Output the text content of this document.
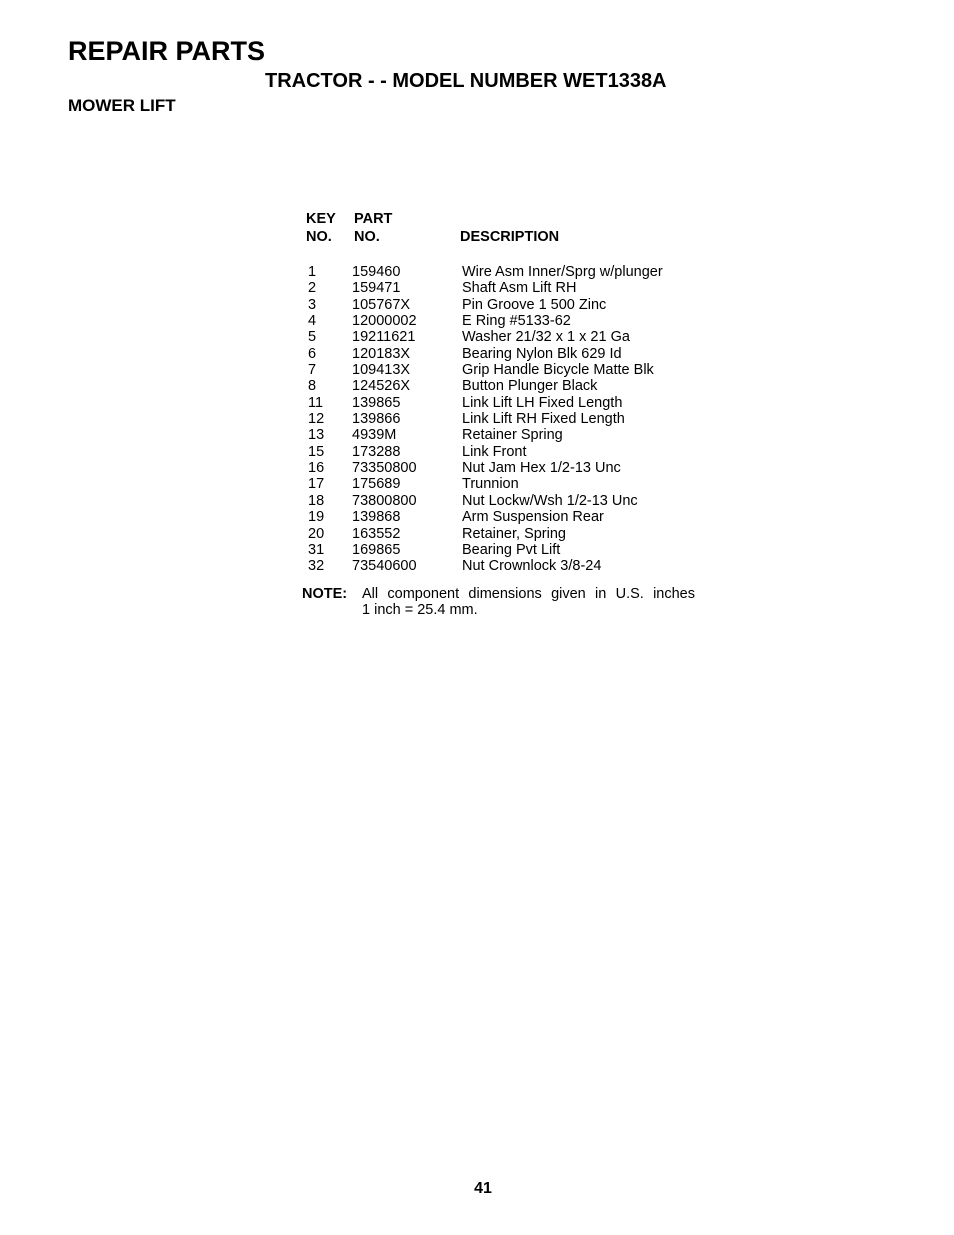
REPAIR PARTS
TRACTOR - - MODEL NUMBER WET1338A
MOWER LIFT
KEY
NO.
PART
NO.	DESCRIPTION
1 159460	Wire Asm Inner/Sprg w/plunger
2 159471	Shaft Asm Lift RH
3 105767X	Pin Groove 1 500 Zinc
4 12000002	E Ring #5133-62
5 19211621	Washer 21/32 x 1 x 21 Ga
6 120183X	Bearing Nylon Blk 629 Id
7 109413X	Grip Handle Bicycle Matte Blk
8 124526X	Button Plunger Black
11 139865	Link Lift LH Fixed Length
12 139866	Link Lift RH Fixed Length
13 4939M	Retainer Spring
15 173288	Link Front
16 73350800	Nut Jam Hex 1/2-13 Unc
17 175689	Trunnion
18 73800800	Nut Lockw/Wsh 1/2-13 Unc
19 139868	Arm Suspension Rear
20 163552	Retainer, Spring
31 169865	Bearing Pvt Lift
32 73540600	Nut Crownlock 3/8-24
NOTE: All component dimensions given in U.S. inches
1 inch = 25.4 mm.
41
